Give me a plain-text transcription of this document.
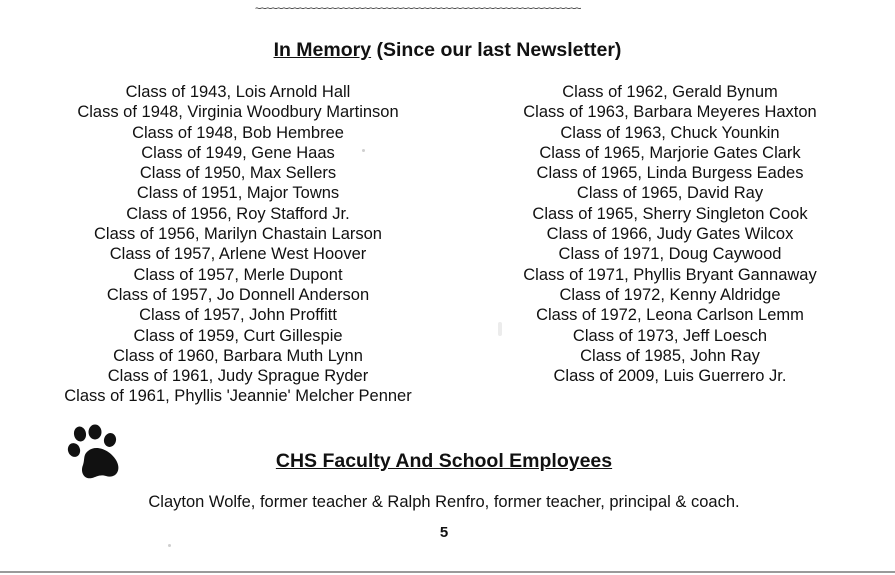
~~~~~~~~~~~~~~~~~~~~~~~~~~~~~~~~~~~~~~~~~~~~~~~~~~~~~~~~~~~~
In Memory (Since our last Newsletter)
Class of 1943, Lois Arnold Hall
Class of 1948, Virginia Woodbury Martinson
Class of 1948, Bob Hembree
Class of 1949, Gene Haas
Class of 1950, Max Sellers
Class of 1951, Major Towns
Class of 1956, Roy Stafford Jr.
Class of 1956, Marilyn Chastain Larson
Class of 1957, Arlene West Hoover
Class of 1957, Merle Dupont
Class of 1957, Jo Donnell Anderson
Class of 1957, John Proffitt
Class of 1959, Curt Gillespie
Class of 1960, Barbara Muth Lynn
Class of 1961, Judy Sprague Ryder
Class of 1961, Phyllis 'Jeannie' Melcher Penner
Class of 1962, Gerald Bynum
Class of 1963, Barbara Meyeres Haxton
Class of 1963, Chuck Younkin
Class of 1965, Marjorie Gates Clark
Class of 1965, Linda Burgess Eades
Class of 1965, David Ray
Class of 1965, Sherry Singleton Cook
Class of 1966, Judy Gates Wilcox
Class of 1971, Doug Caywood
Class of 1971, Phyllis Bryant Gannaway
Class of 1972, Kenny Aldridge
Class of 1972, Leona Carlson Lemm
Class of 1973, Jeff Loesch
Class of 1985, John Ray
Class of 2009, Luis Guerrero Jr.
CHS Faculty And School Employees
Clayton Wolfe, former teacher & Ralph Renfro, former teacher, principal & coach.
5
